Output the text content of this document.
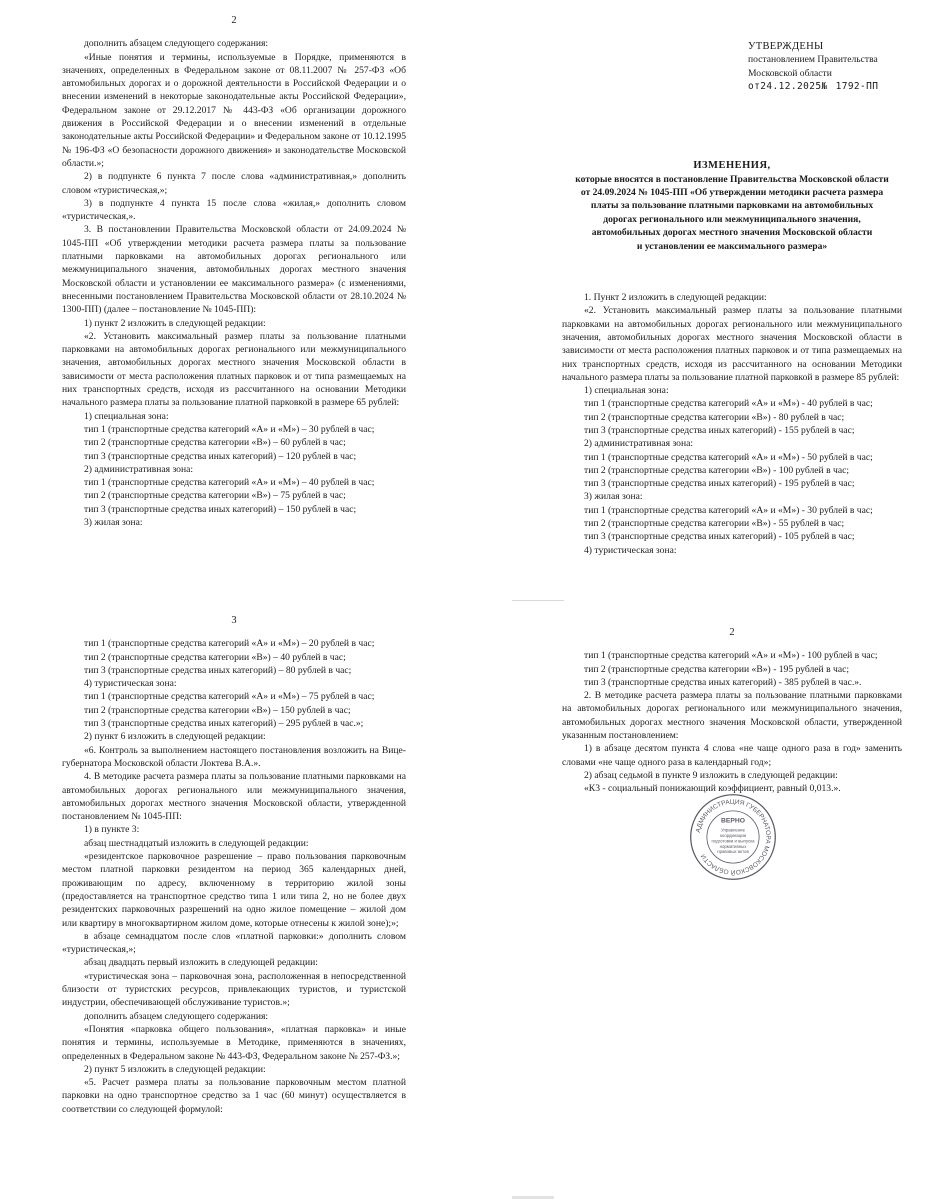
2

дополнить абзацем следующего содержания:

«Иные понятия и термины, используемые в Порядке, применяются в значениях, определенных в Федеральном законе от 08.11.2007 № 257-ФЗ «Об автомобильных дорогах и о дорожной деятельности в Российской Федерации и о внесении изменений в некоторые законодательные акты Российской Федерации», Федеральном законе от 29.12.2017 № 443-ФЗ «Об организации дорожного движения в Российской Федерации и о внесении изменений в отдельные законодательные акты Российской Федерации» и Федеральном законе от 10.12.1995 № 196-ФЗ «О безопасности дорожного движения» и законодательстве Московской области.»;

2) в подпункте 6 пункта 7 после слова «административная,» дополнить словом «туристическая,»;

3) в подпункте 4 пункта 15 после слова «жилая,» дополнить словом «туристическая,».

3. В постановлении Правительства Московской области от 24.09.2024 № 1045-ПП «Об утверждении методики расчета размера платы за пользование платными парковками на автомобильных дорогах регионального или межмуниципального значения, автомобильных дорогах местного значения Московской области и установлении ее максимального размера» (с изменениями, внесенными постановлением Правительства Московской области от 28.10.2024 № 1300-ПП) (далее – постановление № 1045-ПП):

1) пункт 2 изложить в следующей редакции:

«2. Установить максимальный размер платы за пользование платными парковками на автомобильных дорогах регионального или межмуниципального значения, автомобильных дорогах местного значения Московской области в зависимости от места расположения платных парковок и от типа размещаемых на них транспортных средств, исходя из рассчитанного на основании Методики начального размера платы за пользование платной парковкой в размере 65 рублей:

1) специальная зона:

тип 1 (транспортные средства категорий «А» и «М») – 30 рублей в час;

тип 2 (транспортные средства категории «В») – 60 рублей в час;

тип 3 (транспортные средства иных категорий) – 120 рублей в час;

2) административная зона:

тип 1 (транспортные средства категорий «А» и «М») – 40 рублей в час;

тип 2 (транспортные средства категории «В») – 75 рублей в час;

тип 3 (транспортные средства иных категорий) – 150 рублей в час;

3) жилая зона:

УТВЕРЖДЕНЫ

постановлением Правительства

Московской области

от24.12.2025№ 1792-ПП

ИЗМЕНЕНИЯ,

которые вносятся в постановление Правительства Московской области

от 24.09.2024 № 1045-ПП «Об утверждении методики расчета размера

платы за пользование платными парковками на автомобильных

дорогах регионального или межмуниципального значения,

автомобильных дорогах местного значения Московской области

и установлении ее максимального размера»

1. Пункт 2 изложить в следующей редакции:

«2. Установить максимальный размер платы за пользование платными парковками на автомобильных дорогах регионального или межмуниципального значения, автомобильных дорогах местного значения Московской области в зависимости от места расположения платных парковок и от типа размещаемых на них транспортных средств, исходя из рассчитанного на основании Методики начального размера платы за пользование платной парковкой в размере 85 рублей:

1) специальная зона:

тип 1 (транспортные средства категорий «А» и «М») - 40 рублей в час;

тип 2 (транспортные средства категории «В») - 80 рублей в час;

тип 3 (транспортные средства иных категорий) - 155 рублей в час;

2) административная зона:

тип 1 (транспортные средства категорий «А» и «М») - 50 рублей в час;

тип 2 (транспортные средства категории «В») - 100 рублей в час;

тип 3 (транспортные средства иных категорий) - 195 рублей в час;

3) жилая зона:

тип 1 (транспортные средства категорий «А» и «М») - 30 рублей в час;

тип 2 (транспортные средства категории «В») - 55 рублей в час;

тип 3 (транспортные средства иных категорий) - 105 рублей в час;

4) туристическая зона:

3

тип 1 (транспортные средства категорий «А» и «М») – 20 рублей в час;

тип 2 (транспортные средства категории «В») – 40 рублей в час;

тип 3 (транспортные средства иных категорий) – 80 рублей в час;

4) туристическая зона:

тип 1 (транспортные средства категорий «А» и «М») – 75 рублей в час;

тип 2 (транспортные средства категории «В») – 150 рублей в час;

тип 3 (транспортные средства иных категорий) – 295 рублей в час.»;

2) пункт 6 изложить в следующей редакции:

«6. Контроль за выполнением настоящего постановления возложить на Вице-губернатора Московской области Локтева В.А.».

4. В методике расчета размера платы за пользование платными парковками на автомобильных дорогах регионального или межмуниципального значения, автомобильных дорогах местного значения Московской области, утвержденной постановлением № 1045-ПП:

1) в пункте 3:

абзац шестнадцатый изложить в следующей редакции:

«резидентское парковочное разрешение – право пользования парковочным местом платной парковки резидентом на период 365 календарных дней, проживающим по адресу, включенному в территорию жилой зоны (предоставляется на транспортное средство типа 1 или типа 2, но не более двух резидентских парковочных разрешений на одно жилое помещение – жилой дом или квартиру в многоквартирном жилом доме, которые отнесены к жилой зоне);»;

в абзаце семнадцатом после слов «платной парковки:» дополнить словом «туристическая,»;

абзац двадцать первый изложить в следующей редакции:

«туристическая зона – парковочная зона, расположенная в непосредственной близости от туристских ресурсов, привлекающих туристов, и туристской индустрии, обеспечивающей обслуживание туристов.»;

дополнить абзацем следующего содержания:

«Понятия «парковка общего пользования», «платная парковка» и иные понятия и термины, используемые в Методике, применяются в значениях, определенных в Федеральном законе № 443-ФЗ, Федеральном законе № 257-ФЗ.»;

2) пункт 5 изложить в следующей редакции:

«5. Расчет размера платы за пользование парковочным местом платной парковки на одно транспортное средство за 1 час (60 минут) осуществляется в соответствии со следующей формулой:

2

тип 1 (транспортные средства категорий «А» и «М») - 100 рублей в час;

тип 2 (транспортные средства категории «В») - 195 рублей в час;

тип 3 (транспортные средства иных категорий) - 385 рублей в час.».

2. В методике расчета размера платы за пользование платными парковками на автомобильных дорогах регионального или межмуниципального значения, автомобильных дорогах местного значения Московской области, утвержденной указанным постановлением:

1) в абзаце десятом пункта 4 слова «не чаще одного раза в год» заменить словами «не чаще одного раза в календарный год»;

2) абзац седьмой в пункте 9 изложить в следующей редакции:

«К3 - социальный понижающий коэффициент, равный 0,013.».

АДМИНИСТРАЦИЯ ГУБЕРНАТОРА МОСКОВСКОЙ ОБЛАСТИ
ВЕРНО
Управление
координации
подготовки и выпуска
нормативных
правовых актов
